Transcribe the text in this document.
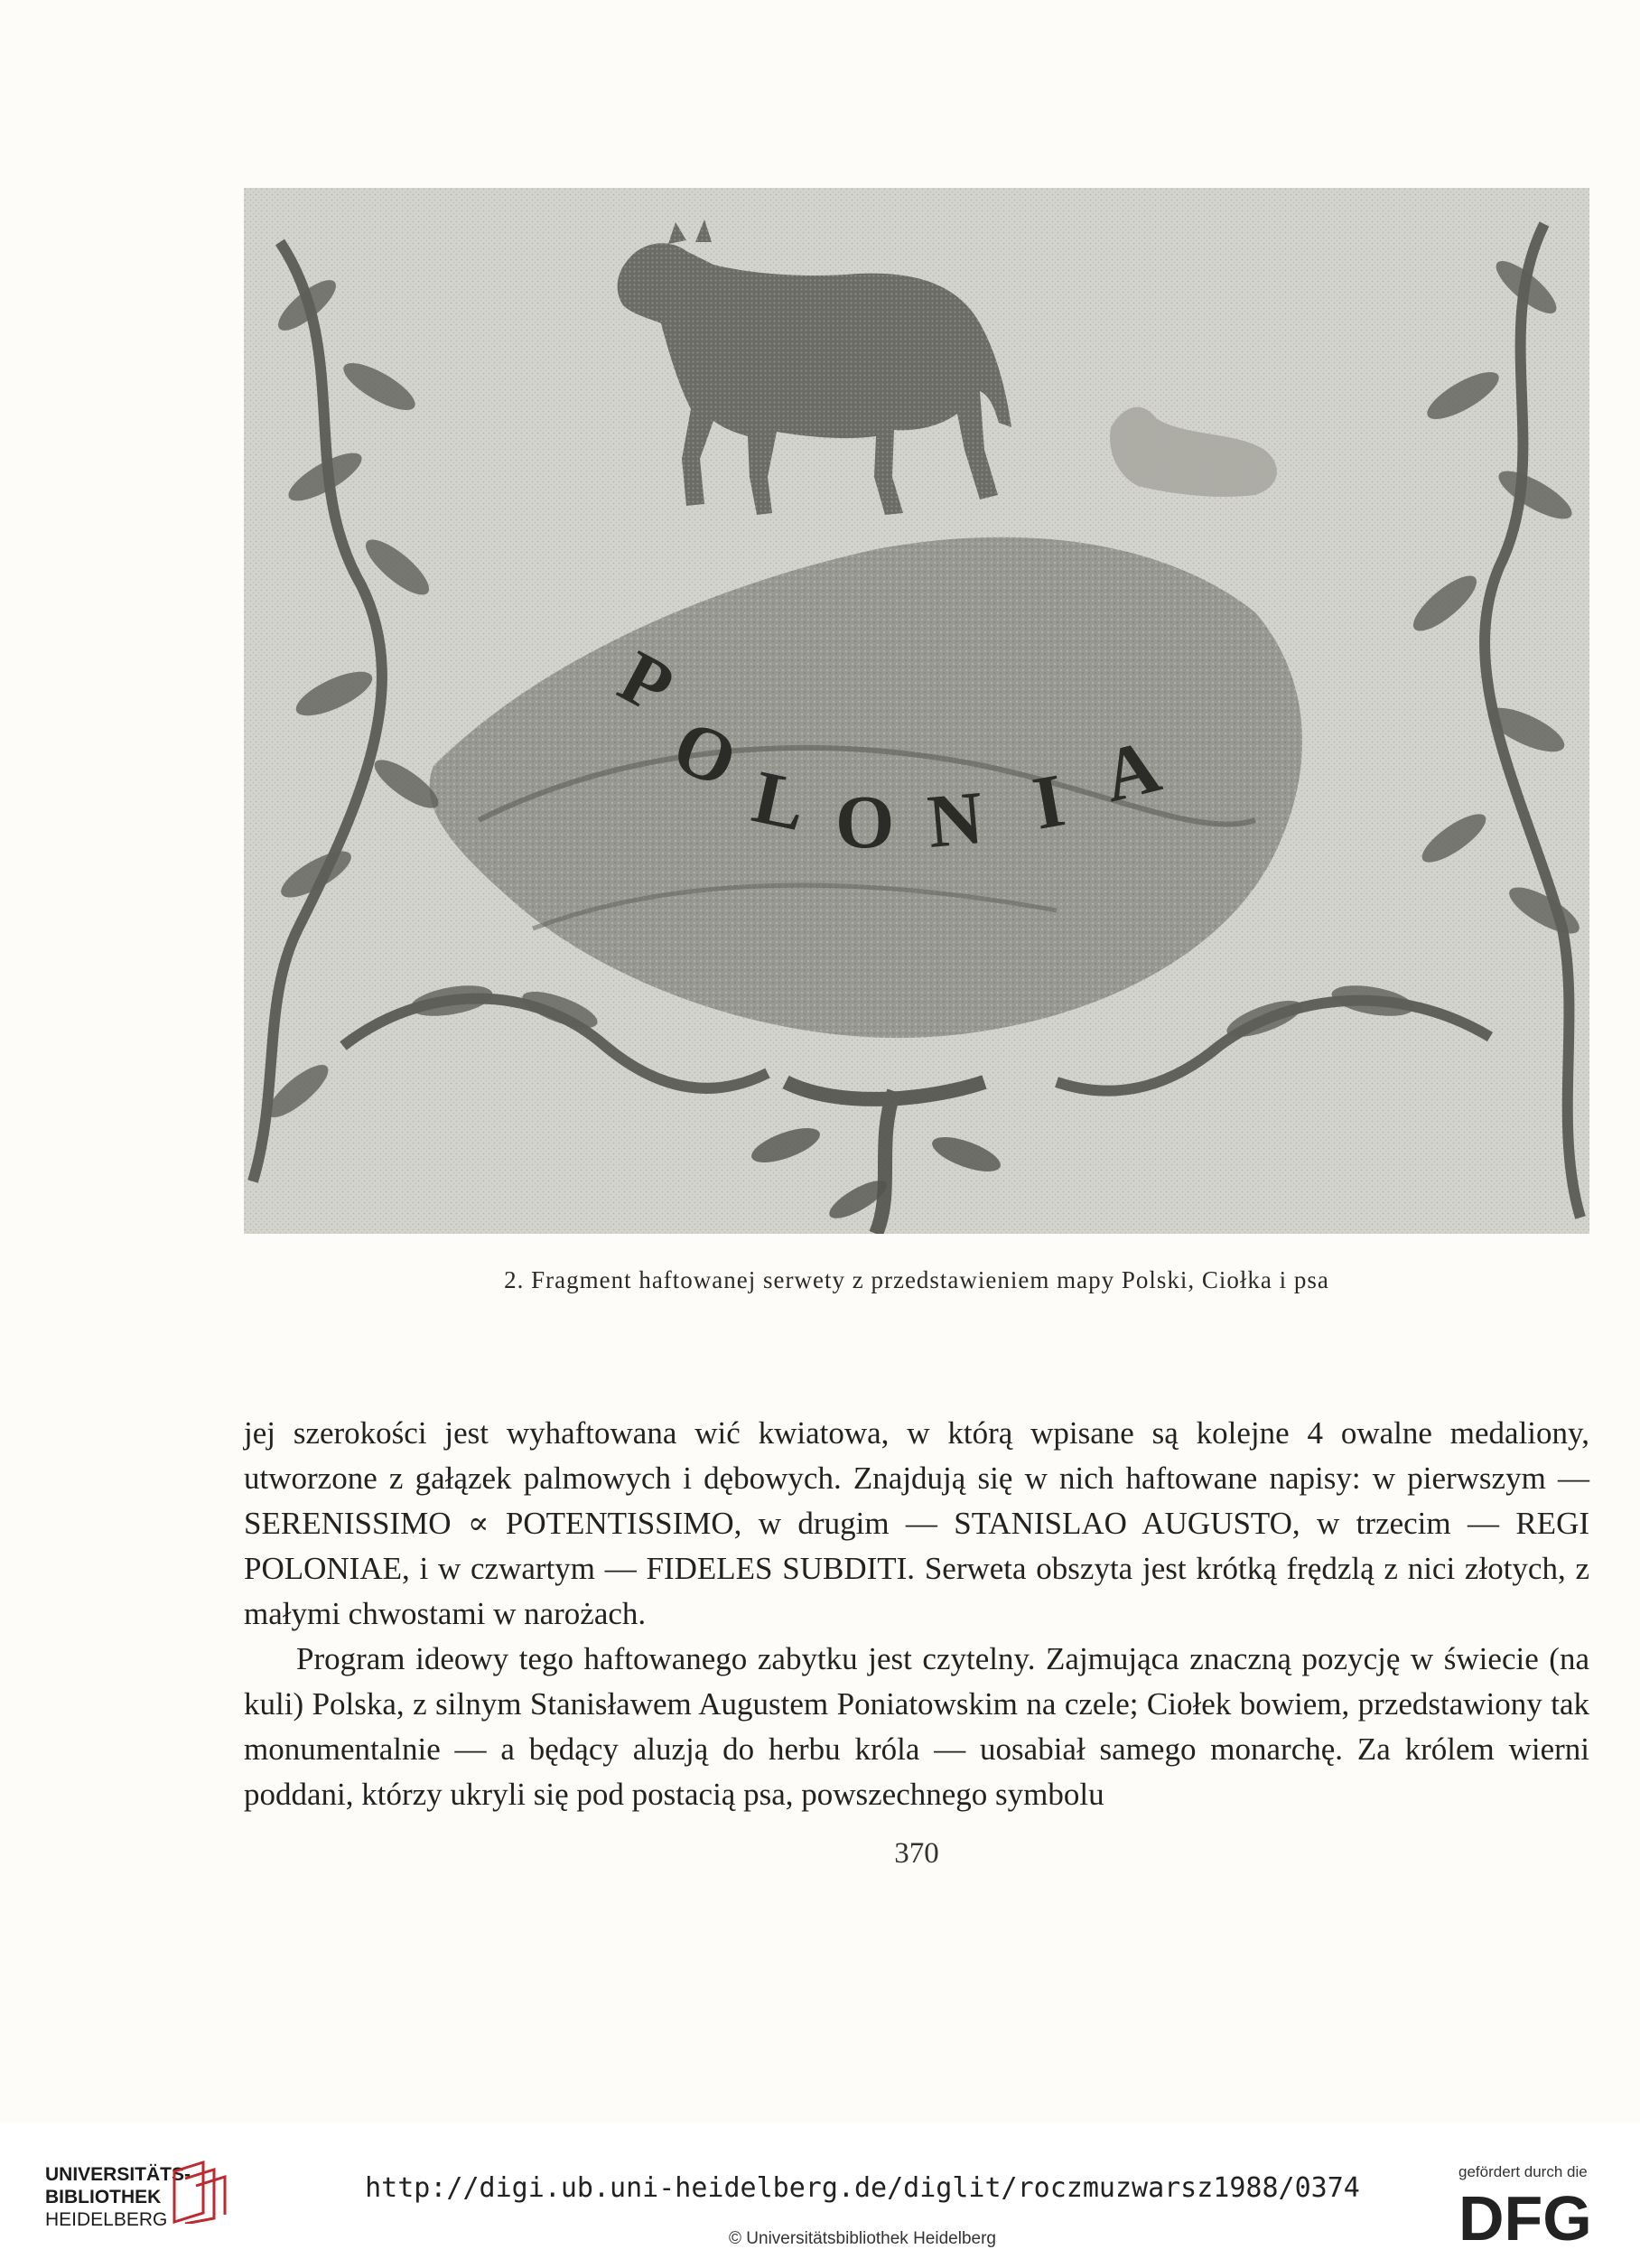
P
O
L O N I A
2. Fragment haftowanej serwety z przedstawieniem mapy Polski, Ciołka i psa

jej szerokości jest wyhaftowana wić kwiatowa, w którą wpisane są kolejne 4 owalne medaliony, utworzone z gałązek palmowych i dębowych. Znajdują się w nich haftowane napisy: w pierwszym — SERENISSIMO ∝ POTENTISSIMO, w drugim — STANISLAO AUGUSTO, w trzecim — REGI POLONIAE, i w czwartym — FIDELES SUBDITI. Serweta obszyta jest krótką frędzlą z nici złotych, z małymi chwostami w narożach.

Program ideowy tego haftowanego zabytku jest czytelny. Zajmująca znaczną pozycję w świecie (na kuli) Polska, z silnym Stanisławem Augustem Poniatowskim na czele; Ciołek bowiem, przedstawiony tak monumentalnie — a będący aluzją do herbu króla — uosabiał samego monarchę. Za królem wierni poddani, którzy ukryli się pod postacią psa, powszechnego symbolu

370
UNIVERSITÄTS-
BIBLIOTHEK
HEIDELBERG
http://digi.ub.uni-heidelberg.de/diglit/roczmuzwarsz1988/0374
© Universitätsbibliothek Heidelberg
gefördert durch die
DFG
